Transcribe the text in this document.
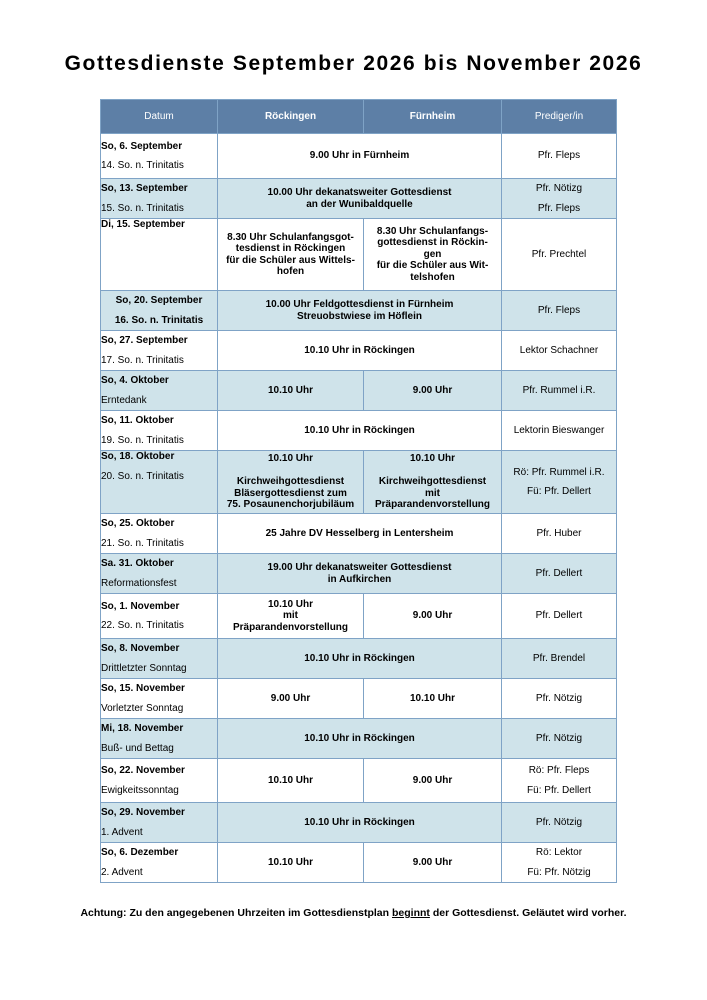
Gottesdienste September 2026 bis November 2026
Datum	Röckingen	Fürnheim	Prediger/in

So, 6. September
14. So. n. Trinitatis	9.00 Uhr in Fürnheim		Pfr. Fleps

So, 13. September
15. So. n. Trinitatis	10.00 Uhr dekanatsweiter Gottesdienst
an der Wunibaldquelle		Pfr. Nötizg
Pfr. Fleps

Di, 15. September	8.30 Uhr Schulanfangsgot-
tesdienst in Röckingen
für die Schüler aus Wittels-
hofen	8.30 Uhr Schulanfangs-
gottesdienst in Röckin-
gen
für die Schüler aus Wit-
telshofen	Pfr. Prechtel

So, 20. September
16. So. n. Trinitatis	10.00 Uhr Feldgottesdienst in Fürnheim
Streuobstwiese im Höflein		Pfr. Fleps

So, 27. September
17. So. n. Trinitatis	10.10 Uhr in Röckingen		Lektor Schachner

So, 4. Oktober
Erntedank	10.10 Uhr	9.00 Uhr	Pfr. Rummel i.R.

So, 11. Oktober
19. So. n. Trinitatis	10.10 Uhr in Röckingen		Lektorin Bieswanger

So, 18. Oktober
20. So. n. Trinitatis	10.10 Uhr

Kirchweihgottesdienst
Bläsergottesdienst zum
75. Posaunenchorjubiläum	10.10 Uhr

Kirchweihgottesdienst
mit
Präparandenvorstellung	Rö: Pfr. Rummel i.R.
Fü: Pfr. Dellert

So, 25. Oktober
21. So. n. Trinitatis	25 Jahre DV Hesselberg in Lentersheim		Pfr. Huber

Sa. 31. Oktober
Reformationsfest	19.00 Uhr dekanatsweiter Gottesdienst
in Aufkirchen		Pfr. Dellert

So, 1. November
22. So. n. Trinitatis	10.10 Uhr
mit
Präparandenvorstellung	9.00 Uhr	Pfr. Dellert

So, 8. November
Drittletzter Sonntag	10.10 Uhr in Röckingen		Pfr. Brendel

So, 15. November
Vorletzter Sonntag	9.00 Uhr	10.10 Uhr	Pfr. Nötzig

Mi, 18. November
Buß- und Bettag	10.10 Uhr in Röckingen		Pfr. Nötzig

So, 22. November
Ewigkeitssonntag	10.10 Uhr	9.00 Uhr	Rö: Pfr. Fleps
Fü: Pfr. Dellert

So, 29. November
1. Advent	10.10 Uhr in Röckingen		Pfr. Nötzig

So, 6. Dezember
2. Advent	10.10 Uhr	9.00 Uhr	Rö: Lektor
Fü: Pfr. Nötzig
Achtung: Zu den angegebenen Uhrzeiten im Gottesdienstplan beginnt der Gottesdienst. Geläutet wird vorher.
